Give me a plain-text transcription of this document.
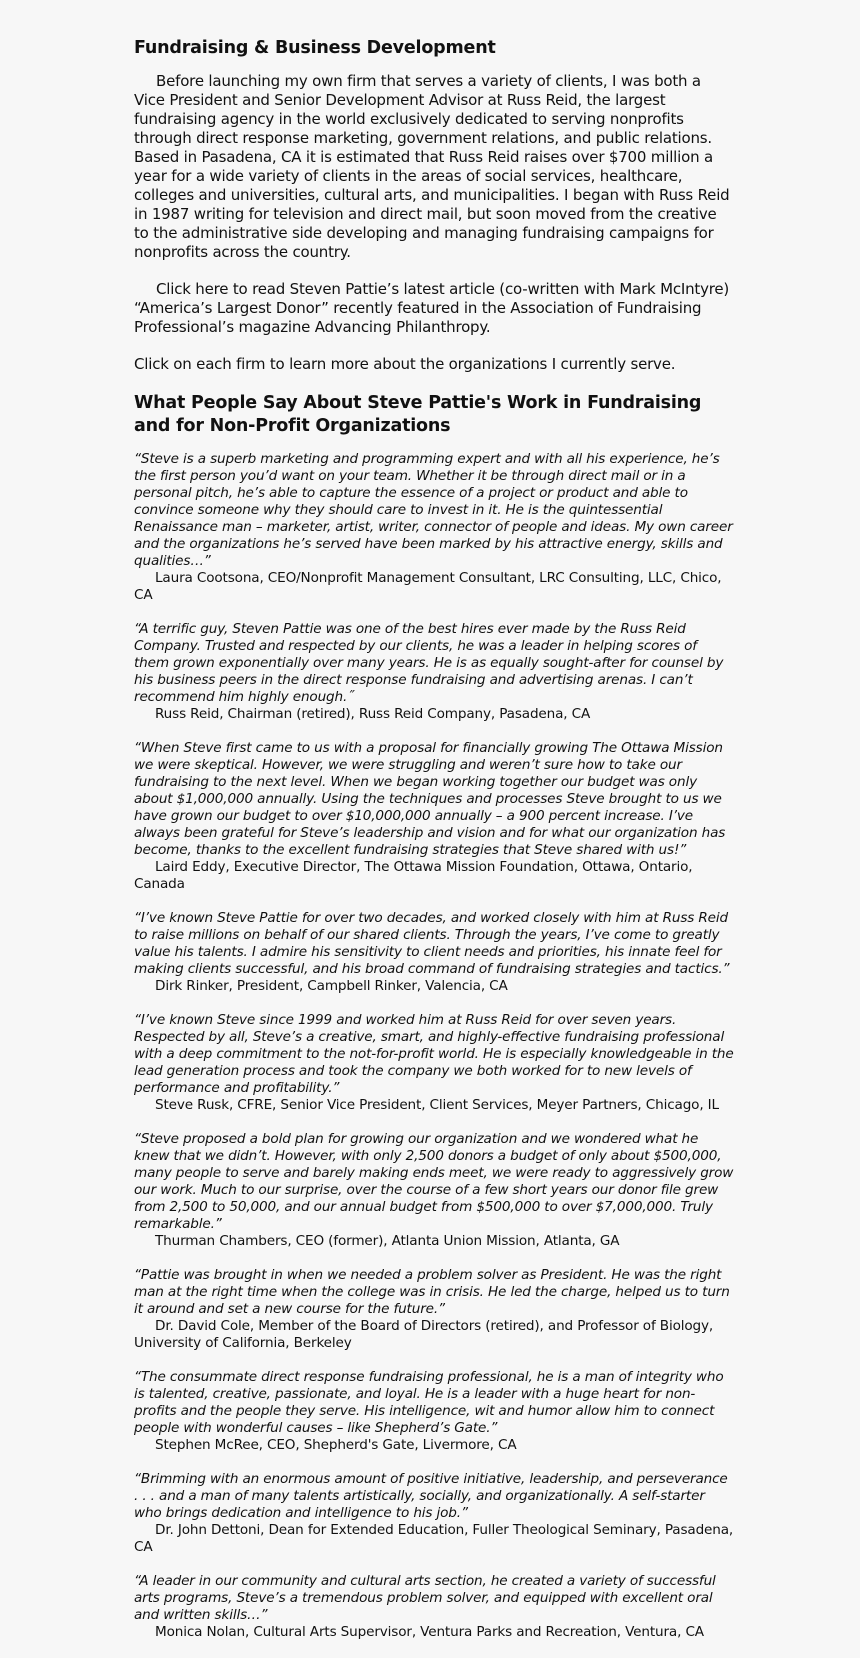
Fundraising & Business Development

Before launching my own firm that serves a variety of clients, I was both a Vice President and Senior Development Advisor at Russ Reid, the largest fundraising agency in the world exclusively dedicated to serving nonprofits through direct response marketing, government relations, and public relations. Based in Pasadena, CA it is estimated that Russ Reid raises over $700 million a year for a wide variety of clients in the areas of social services, healthcare, colleges and universities, cultural arts, and municipalities. I began with Russ Reid in 1987 writing for television and direct mail, but soon moved from the creative to the administrative side developing and managing fundraising campaigns for nonprofits across the country.

Click here to read Steven Pattie’s latest article (co-written with Mark McIntyre) “America’s Largest Donor” recently featured in the Association of Fundraising Professional’s magazine Advancing Philanthropy.

Click on each firm to learn more about the organizations I currently serve.

What People Say About Steve Pattie's Work in Fundraising and for Non-Profit Organizations

“Steve is a superb marketing and programming expert and with all his experience, he’s the first person you’d want on your team. Whether it be through direct mail or in a personal pitch, he’s able to capture the essence of a project or product and able to convince someone why they should care to invest in it. He is the quintessential Renaissance man – marketer, artist, writer, connector of people and ideas. My own career and the organizations he’s served have been marked by his attractive energy, skills and qualities…”

Laura Cootsona, CEO/Nonprofit Management Consultant, LRC Consulting, LLC, Chico, CA

“A terrific guy, Steven Pattie was one of the best hires ever made by the Russ Reid Company. Trusted and respected by our clients, he was a leader in helping scores of them grown exponentially over many years. He is as equally sought-after for counsel by his business peers in the direct response fundraising and advertising arenas. I can’t recommend him highly enough.˝

Russ Reid, Chairman (retired), Russ Reid Company, Pasadena, CA

“When Steve first came to us with a proposal for financially growing The Ottawa Mission we were skeptical. However, we were struggling and weren’t sure how to take our fundraising to the next level. When we began working together our budget was only about $1,000,000 annually. Using the techniques and processes Steve brought to us we have grown our budget to over $10,000,000 annually – a 900 percent increase. I’ve always been grateful for Steve’s leadership and vision and for what our organization has become, thanks to the excellent fundraising strategies that Steve shared with us!”

Laird Eddy, Executive Director, The Ottawa Mission Foundation, Ottawa, Ontario, Canada

“I’ve known Steve Pattie for over two decades, and worked closely with him at Russ Reid to raise millions on behalf of our shared clients. Through the years, I’ve come to greatly value his talents. I admire his sensitivity to client needs and priorities, his innate feel for making clients successful, and his broad command of fundraising strategies and tactics.”

Dirk Rinker, President, Campbell Rinker, Valencia, CA

“I’ve known Steve since 1999 and worked him at Russ Reid for over seven years. Respected by all, Steve’s a creative, smart, and highly-effective fundraising professional with a deep commitment to the not-for-profit world. He is especially knowledgeable in the lead generation process and took the company we both worked for to new levels of performance and profitability.”

Steve Rusk, CFRE, Senior Vice President, Client Services, Meyer Partners, Chicago, IL

“Steve proposed a bold plan for growing our organization and we wondered what he knew that we didn’t. However, with only 2,500 donors a budget of only about $500,000, many people to serve and barely making ends meet, we were ready to aggressively grow our work. Much to our surprise, over the course of a few short years our donor file grew from 2,500 to 50,000, and our annual budget from $500,000 to over $7,000,000. Truly remarkable.”

Thurman Chambers, CEO (former), Atlanta Union Mission, Atlanta, GA

“Pattie was brought in when we needed a problem solver as President. He was the right man at the right time when the college was in crisis. He led the charge, helped us to turn it around and set a new course for the future.”

Dr. David Cole, Member of the Board of Directors (retired), and Professor of Biology, University of California, Berkeley

“The consummate direct response fundraising professional, he is a man of integrity who is talented, creative, passionate, and loyal. He is a leader with a huge heart for non-profits and the people they serve. His intelligence, wit and humor allow him to connect people with wonderful causes – like Shepherd’s Gate.”

Stephen McRee, CEO, Shepherd's Gate, Livermore, CA

“Brimming with an enormous amount of positive initiative, leadership, and perseverance . . . and a man of many talents artistically, socially, and organizationally. A self-starter who brings dedication and intelligence to his job.”

Dr. John Dettoni, Dean for Extended Education, Fuller Theological Seminary, Pasadena, CA

“A leader in our community and cultural arts section, he created a variety of successful arts programs, Steve’s a tremendous problem solver, and equipped with excellent oral and written skills…”

Monica Nolan, Cultural Arts Supervisor, Ventura Parks and Recreation, Ventura, CA
